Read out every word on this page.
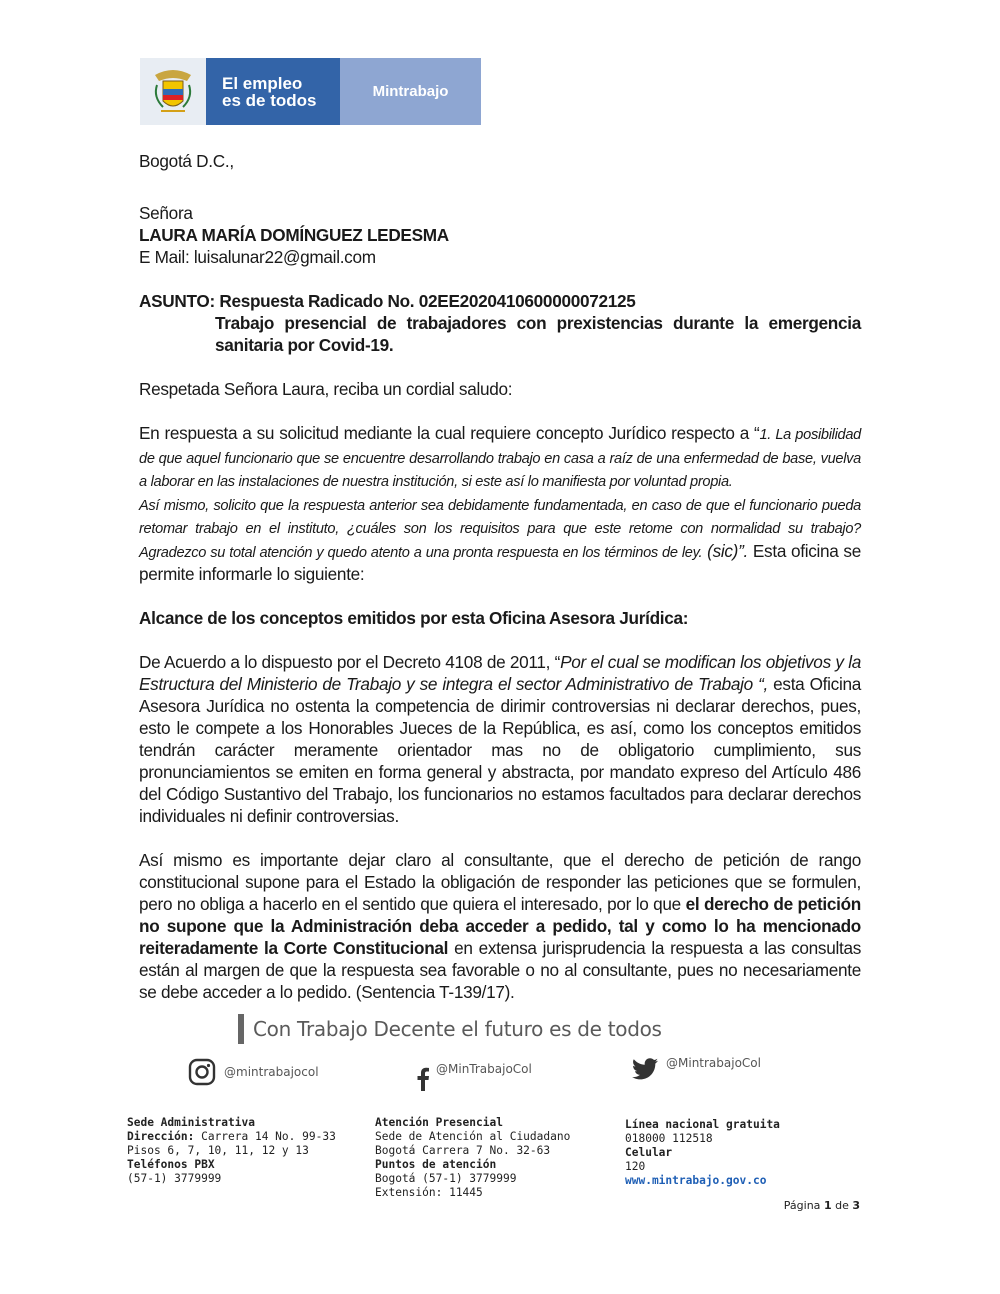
El empleo
es de todos	Mintrabajo

Bogotá D.C.,

Señora

LAURA MARÍA DOMÍNGUEZ LEDESMA

E Mail: luisalunar22@gmail.com

ASUNTO: Respuesta Radicado No. 02EE2020410600000072125

Trabajo presencial de trabajadores con prexistencias durante la emergencia sanitaria por Covid-19.

Respetada Señora Laura, reciba un cordial saludo:

En respuesta a su solicitud mediante la cual requiere concepto Jurídico respecto a “1. La posibilidad de que aquel funcionario que se encuentre desarrollando trabajo en casa a raíz de una enfermedad de base, vuelva a laborar en las instalaciones de nuestra institución, si este así lo manifiesta por voluntad propia.
Así mismo, solicito que la respuesta anterior sea debidamente fundamentada, en caso de que el funcionario pueda retomar trabajo en el instituto, ¿cuáles son los requisitos para que este retome con normalidad su trabajo? Agradezco su total atención y quedo atento a una pronta respuesta en los términos de ley. (sic)”. Esta oficina se permite informarle lo siguiente:

Alcance de los conceptos emitidos por esta Oficina Asesora Jurídica:

De Acuerdo a lo dispuesto por el Decreto 4108 de 2011, “Por el cual se modifican los objetivos y la Estructura del Ministerio de Trabajo y se integra el sector Administrativo de Trabajo “, esta Oficina Asesora Jurídica no ostenta la competencia de dirimir controversias ni declarar derechos, pues, esto le compete a los Honorables Jueces de la República, es así, como los conceptos emitidos tendrán carácter meramente orientador mas no de obligatorio cumplimiento, sus pronunciamientos se emiten en forma general y abstracta, por mandato expreso del Artículo 486 del Código Sustantivo del Trabajo, los funcionarios no estamos facultados para declarar derechos individuales ni definir controversias.

Así mismo es importante dejar claro al consultante, que el derecho de petición de rango constitucional supone para el Estado la obligación de responder las peticiones que se formulen, pero no obliga a hacerlo en el sentido que quiera el interesado, por lo que el derecho de petición no supone que la Administración deba acceder a pedido, tal y como lo ha mencionado reiteradamente la Corte Constitucional en extensa jurisprudencia la respuesta a las consultas están al margen de que la respuesta sea favorable o no al consultante, pues no necesariamente se debe acceder a lo pedido. (Sentencia T-139/17).

Con Trabajo Decente el futuro es de todos
@mintrabajocol	@MinTrabajoCol	@MintrabajoCol
Sede Administrativa
Dirección: Carrera 14 No. 99-33
Pisos 6, 7, 10, 11, 12 y 13
Teléfonos PBX
(57-1) 3779999
Atención Presencial
Sede de Atención al Ciudadano
Bogotá Carrera 7 No. 32-63
Puntos de atención
Bogotá (57-1) 3779999
Extensión: 11445
Línea nacional gratuita
018000 112518
Celular
120
www.mintrabajo.gov.co
Página 1 de 3
